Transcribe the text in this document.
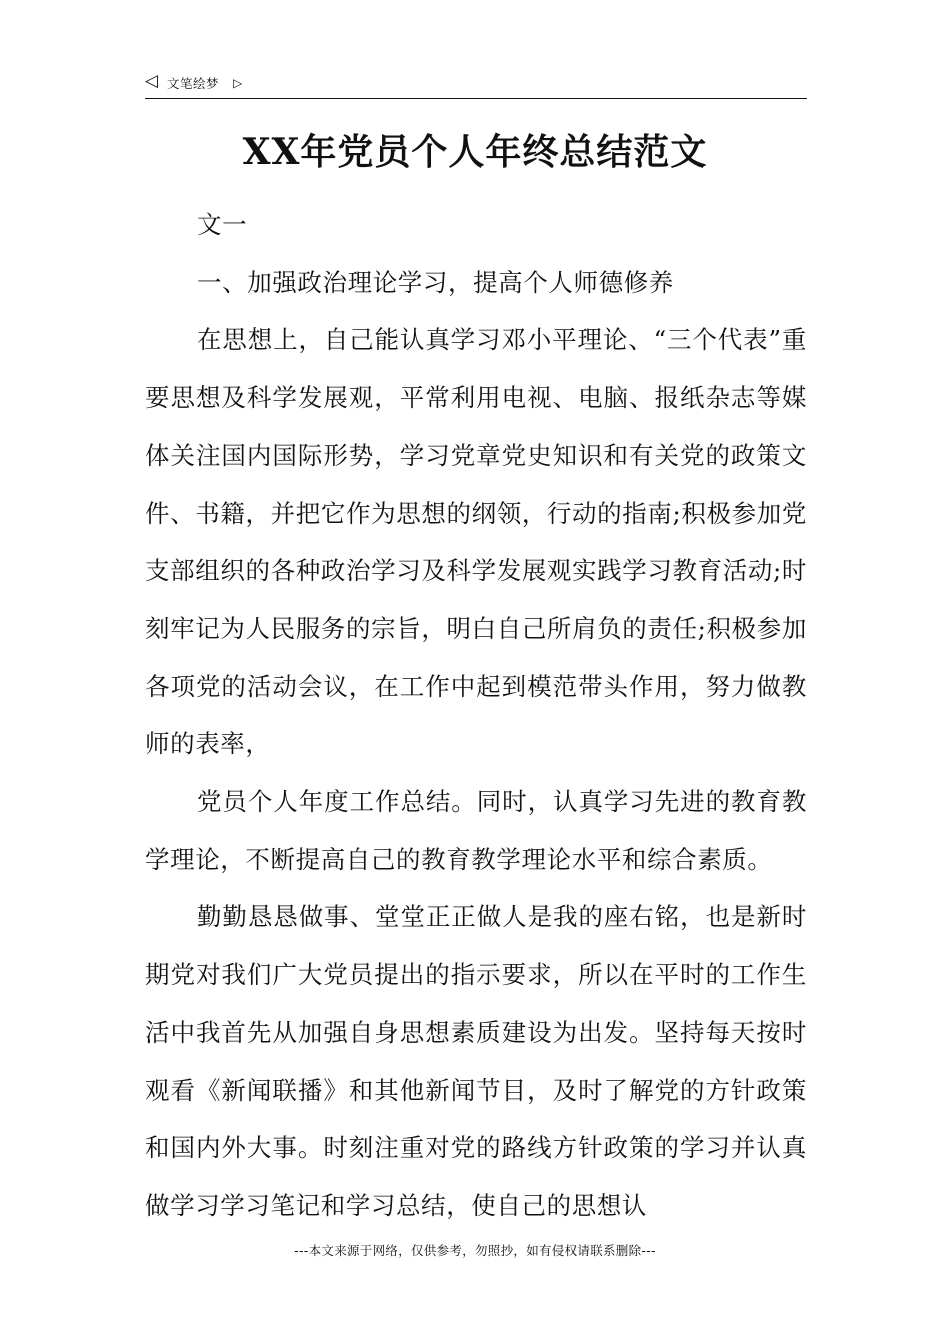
◁ 文笔绘梦 ▷
XX年党员个人年终总结范文

文一

一、加强政治理论学习，提高个人师德修养

在思想上，自己能认真学习邓小平理论、“三个代表”重要思想及科学发展观，平常利用电视、电脑、报纸杂志等媒体关注国内国际形势，学习党章党史知识和有关党的政策文件、书籍，并把它作为思想的纲领，行动的指南;积极参加党支部组织的各种政治学习及科学发展观实践学习教育活动;时刻牢记为人民服务的宗旨，明白自己所肩负的责任;积极参加各项党的活动会议，在工作中起到模范带头作用，努力做教师的表率，

党员个人年度工作总结。同时，认真学习先进的教育教学理论，不断提高自己的教育教学理论水平和综合素质。

勤勤恳恳做事、堂堂正正做人是我的座右铭，也是新时期党对我们广大党员提出的指示要求，所以在平时的工作生活中我首先从加强自身思想素质建设为出发。坚持每天按时观看《新闻联播》和其他新闻节目，及时了解党的方针政策和国内外大事。时刻注重对党的路线方针政策的学习并认真做学习学习笔记和学习总结，使自己的思想认

---本文来源于网络，仅供参考，勿照抄，如有侵权请联系删除---
